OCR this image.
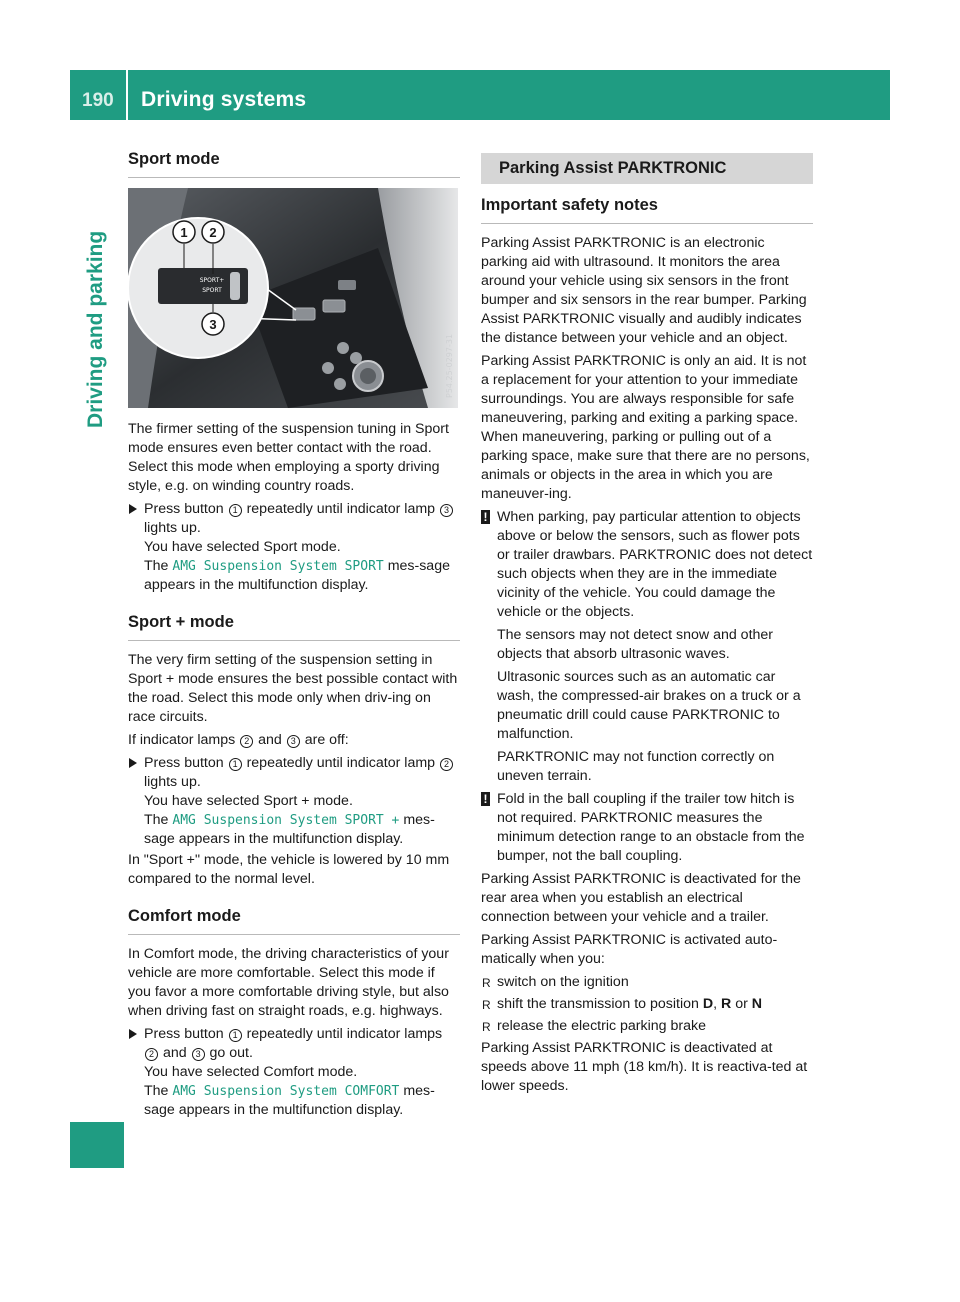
190 Driving systems
Driving and parking
Sport mode
SPORT+
SPORT
1 2
3
P54.25-0297-31

The firmer setting of the suspension tuning in Sport mode ensures even better contact with the road. Select this mode when employing a sporty driving style, e.g. on winding country roads.

Press button 1 repeatedly until indicator lamp 3 lights up.
You have selected Sport mode.
The AMG Suspension System SPORT mes-sage appears in the multifunction display.
Sport + mode

The very firm setting of the suspension setting in Sport + mode ensures the best possible contact with the road. Select this mode only when driv-ing on race circuits.

If indicator lamps 2 and 3 are off:

Press button 1 repeatedly until indicator lamp 2 lights up.
You have selected Sport + mode.
The AMG Suspension System SPORT + mes-sage appears in the multifunction display.

In "Sport +" mode, the vehicle is lowered by 10 mm compared to the normal level.

Comfort mode

In Comfort mode, the driving characteristics of your vehicle are more comfortable. Select this mode if you favor a more comfortable driving style, but also when driving fast on straight roads, e.g. highways.

Press button 1 repeatedly until indicator lamps 2 and 3 go out.
You have selected Comfort mode.
The AMG Suspension System COMFORT mes-sage appears in the multifunction display.
Parking Assist PARKTRONIC
Important safety notes

Parking Assist PARKTRONIC is an electronic parking aid with ultrasound. It monitors the area around your vehicle using six sensors in the front bumper and six sensors in the rear bumper. Parking Assist PARKTRONIC visually and audibly indicates the distance between your vehicle and an object.

Parking Assist PARKTRONIC is only an aid. It is not a replacement for your attention to your immediate surroundings. You are always responsible for safe maneuvering, parking and exiting a parking space. When maneuvering, parking or pulling out of a parking space, make sure that there are no persons, animals or objects in the area in which you are maneuver-ing.

! When parking, pay particular attention to objects above or below the sensors, such as flower pots or trailer drawbars. PARKTRONIC does not detect such objects when they are in the immediate vicinity of the vehicle. You could damage the vehicle or the objects.

The sensors may not detect snow and other objects that absorb ultrasonic waves.

Ultrasonic sources such as an automatic car wash, the compressed-air brakes on a truck or a pneumatic drill could cause PARKTRONIC to malfunction.

PARKTRONIC may not function correctly on uneven terrain.

! Fold in the ball coupling if the trailer tow hitch is not required. PARKTRONIC measures the minimum detection range to an obstacle from the bumper, not the ball coupling.

Parking Assist PARKTRONIC is deactivated for the rear area when you establish an electrical connection between your vehicle and a trailer.

Parking Assist PARKTRONIC is activated auto-matically when you:

R switch on the ignition
R shift the transmission to position D, R or N
R release the electric parking brake

Parking Assist PARKTRONIC is deactivated at speeds above 11 mph (18 km/h). It is reactiva-ted at lower speeds.
